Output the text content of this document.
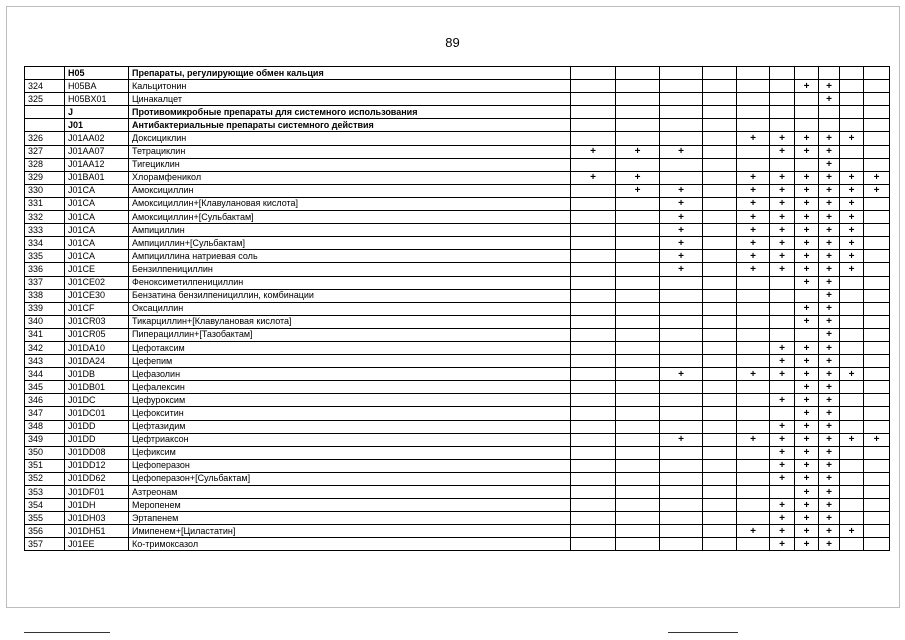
89
	H05	Препараты, регулирующие обмен кальция										
324	H05BA	Кальцитонин							+	+		
325	H05BX01	Цинакалцет								+		
	J	Противомикробные препараты для системного использования										
	J01	Антибактериальные препараты системного действия										
326	J01AA02	Доксициклин					+	+	+	+	+	
327	J01AA07	Тетрациклин	+	+	+			+	+	+		
328	J01AA12	Тигециклин								+		
329	J01BA01	Хлорамфеникол	+	+			+	+	+	+	+	+
330	J01CA	Амоксициллин		+	+		+	+	+	+	+	+
331	J01CA	Амоксициллин+[Клавулановая кислота]			+		+	+	+	+	+	
332	J01CA	Амоксициллин+[Сульбактам]			+		+	+	+	+	+	
333	J01CA	Ампициллин			+		+	+	+	+	+	
334	J01CA	Ампициллин+[Сульбактам]			+		+	+	+	+	+	
335	J01CA	Ампициллина натриевая соль			+		+	+	+	+	+	
336	J01CE	Бензилпенициллин			+		+	+	+	+	+	
337	J01CE02	Феноксиметилпенициллин							+	+		
338	J01CE30	Бензатина бензилпенициллин, комбинации								+		
339	J01CF	Оксациллин							+	+		
340	J01CR03	Тикарциллин+[Клавулановая кислота]							+	+		
341	J01CR05	Пиперациллин+[Тазобактам]								+		
342	J01DA10	Цефотаксим						+	+	+		
343	J01DA24	Цефепим						+	+	+		
344	J01DB	Цефазолин			+		+	+	+	+	+	
345	J01DB01	Цефалексин							+	+		
346	J01DC	Цефуроксим						+	+	+		
347	J01DC01	Цефокситин							+	+		
348	J01DD	Цефтазидим						+	+	+		
349	J01DD	Цефтриаксон			+		+	+	+	+	+	+
350	J01DD08	Цефиксим						+	+	+		
351	J01DD12	Цефоперазон						+	+	+		
352	J01DD62	Цефоперазон+[Сульбактам]						+	+	+		
353	J01DF01	Азтреонам							+	+		
354	J01DH	Меропенем						+	+	+		
355	J01DH03	Эртапенем						+	+	+		
356	J01DH51	Имипенем+[Циластатин]					+	+	+	+	+	
357	J01EE	Ко-тримоксазол						+	+	+		
